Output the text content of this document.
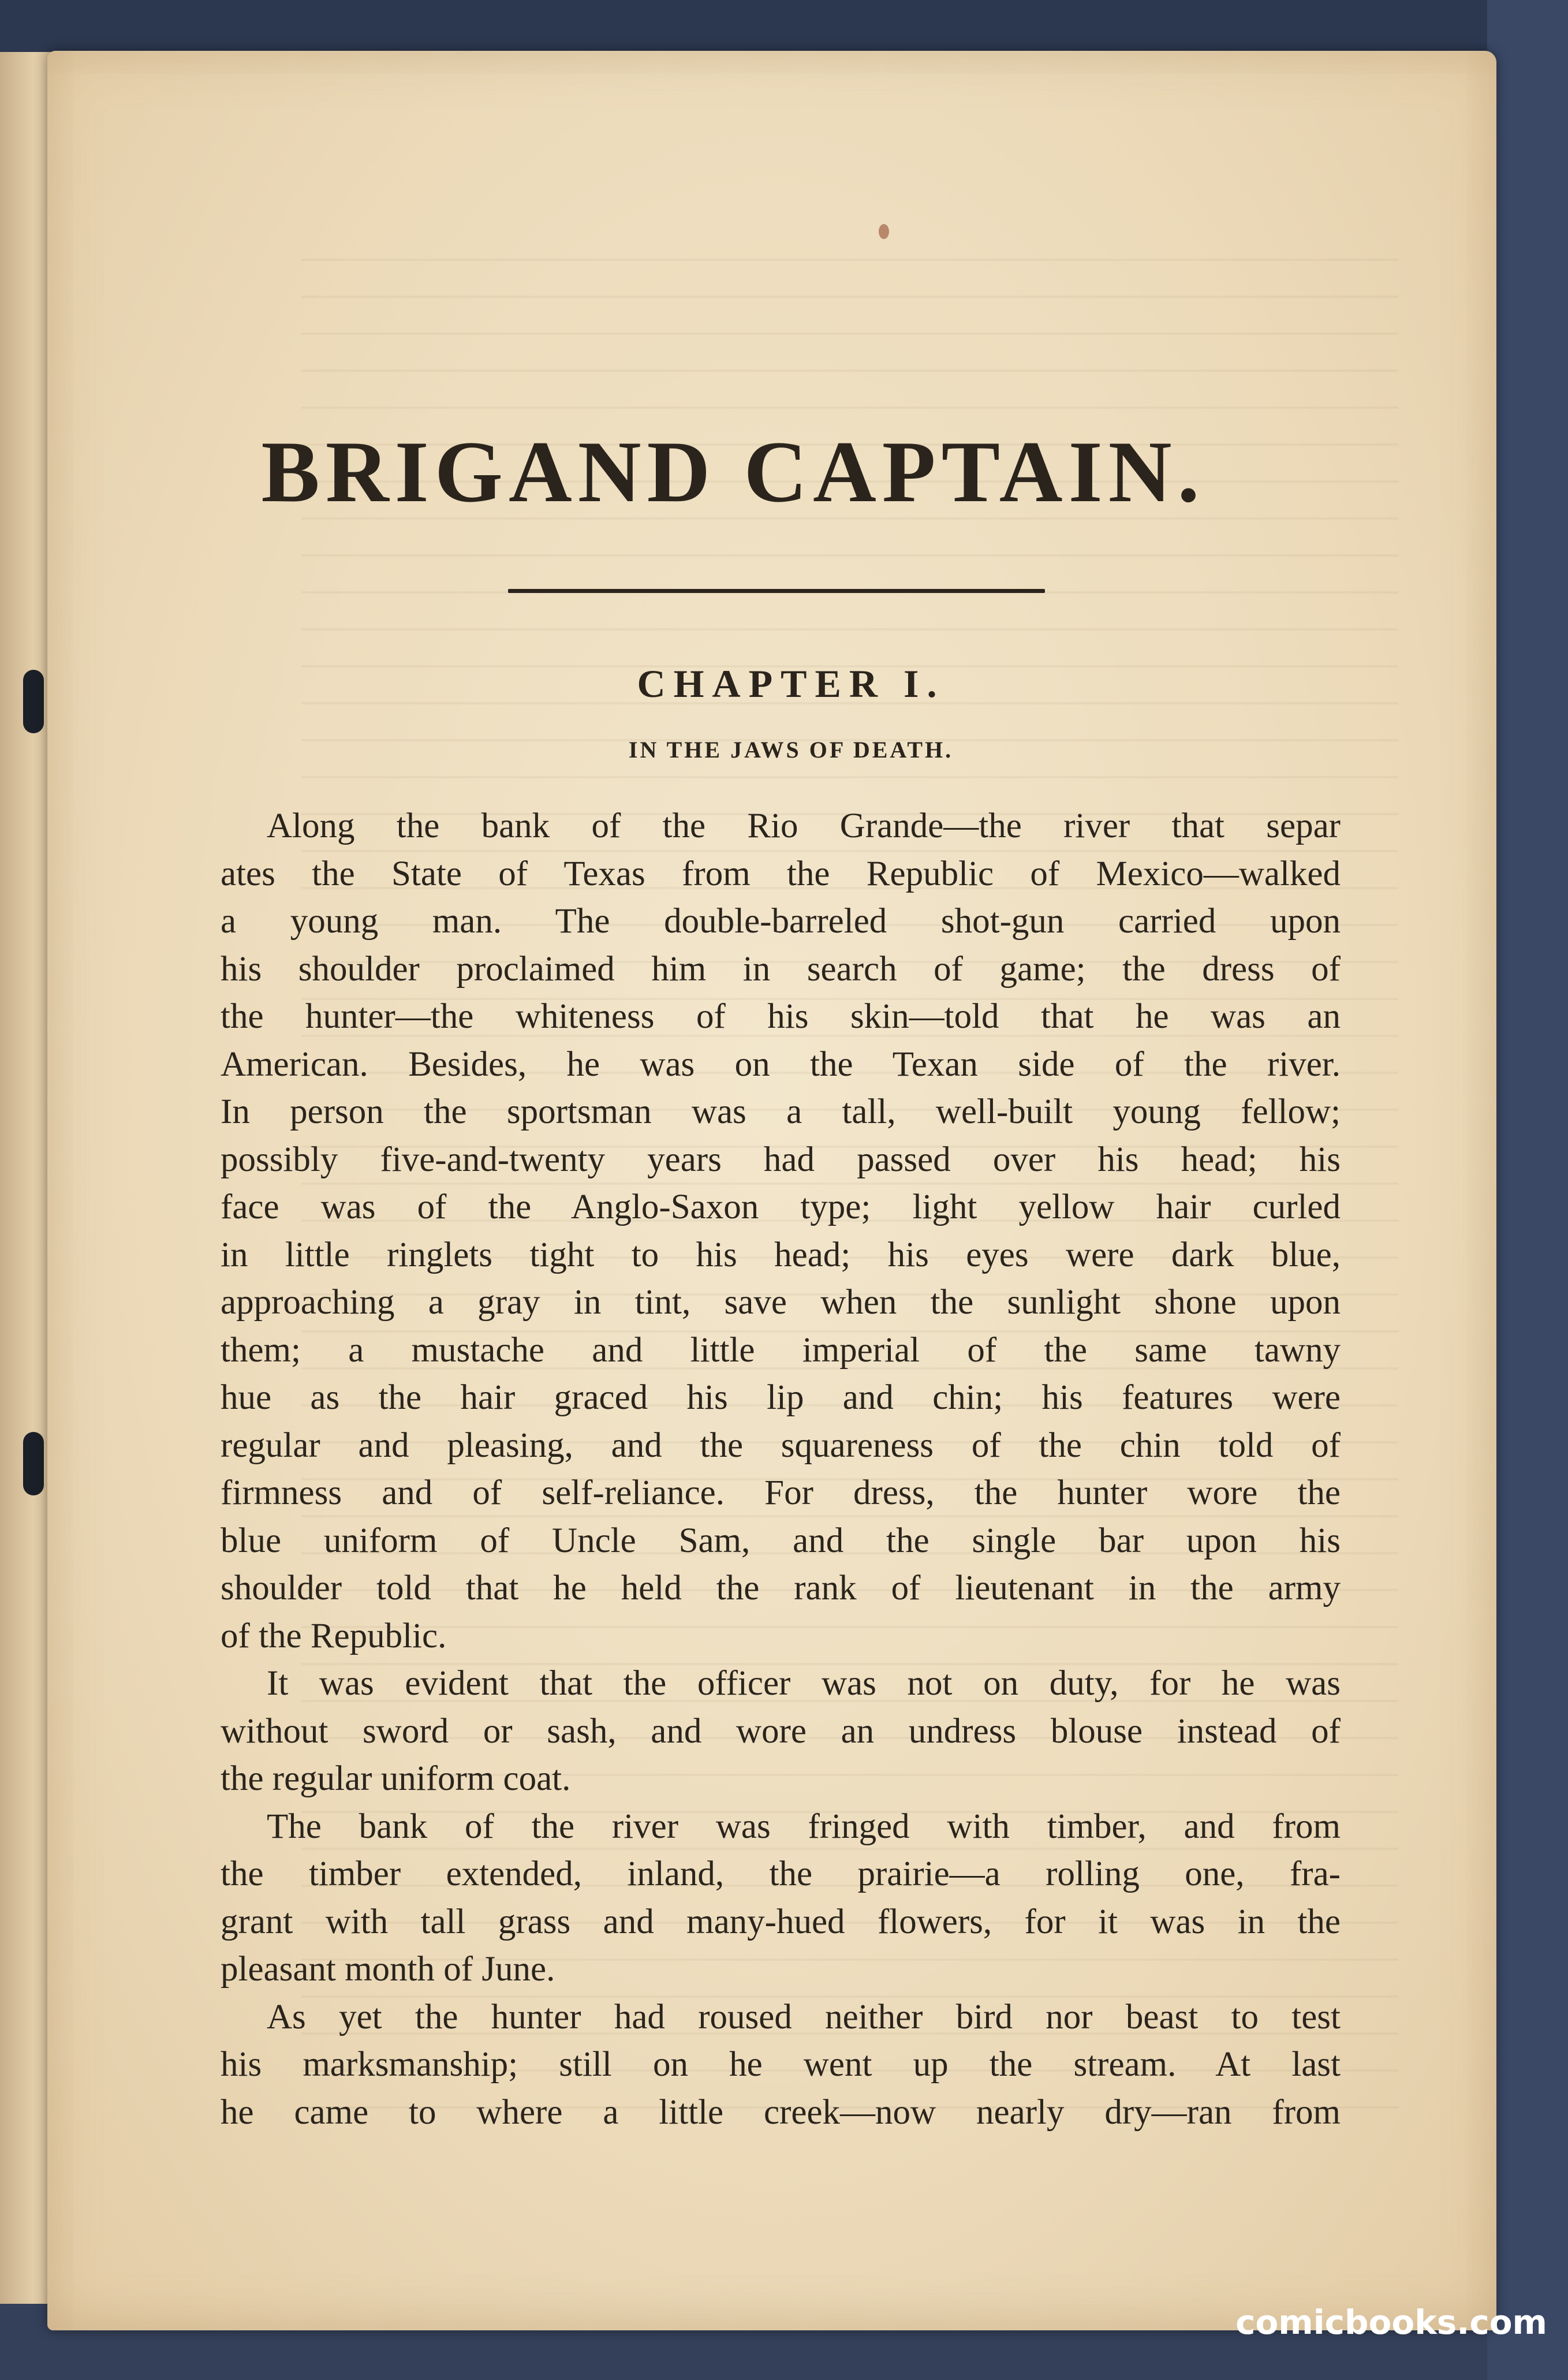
BRIGAND CAPTAIN.
CHAPTER I.
IN THE JAWS OF DEATH.
Along the bank of the Rio Grande—the river that separ
ates the State of Texas from the Republic of Mexico—walked
a young man. The double-barreled shot-gun carried upon
his shoulder proclaimed him in search of game; the dress of
the hunter—the whiteness of his skin—told that he was an
American. Besides, he was on the Texan side of the river.
In person the sportsman was a tall, well-built young fellow;
possibly five-and-twenty years had passed over his head; his
face was of the Anglo-Saxon type; light yellow hair curled
in little ringlets tight to his head; his eyes were dark blue,
approaching a gray in tint, save when the sunlight shone upon
them; a mustache and little imperial of the same tawny
hue as the hair graced his lip and chin; his features were
regular and pleasing, and the squareness of the chin told of
firmness and of self-reliance. For dress, the hunter wore the
blue uniform of Uncle Sam, and the single bar upon his
shoulder told that he held the rank of lieutenant in the army
of the Republic.
It was evident that the officer was not on duty, for he was
without sword or sash, and wore an undress blouse instead of
the regular uniform coat.
The bank of the river was fringed with timber, and from
the timber extended, inland, the prairie—a rolling one, fra-
grant with tall grass and many-hued flowers, for it was in the
pleasant month of June.
As yet the hunter had roused neither bird nor beast to test
his marksmanship; still on he went up the stream. At last
he came to where a little creek—now nearly dry—ran from
comicbooks.com
